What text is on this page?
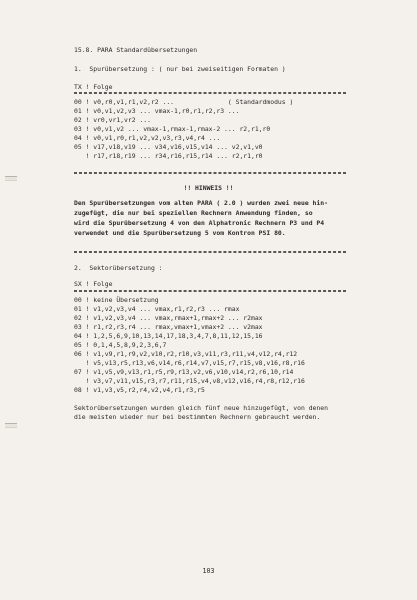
15.8. PARA Standardübersetzungen
1.  Spurübersetzung : ( nur bei zweiseitigen Formaten )
TX ! Folge
00 ! v0,r0,v1,r1,v2,r2 ...              ( Standardmodus )
01 ! v0,v1,v2,v3 ... vmax-1,r0,r1,r2,r3 ...
02 ! vr0,vr1,vr2 ...
03 ! v0,v1,v2 ... vmax-1,rmax-1,rmax-2 ... r2,r1,r0
04 ! v0,v1,r0,r1,v2,v2,v3,r3,v4,r4 ...
05 ! v17,v18,v19 ... v34,v16,v15,v14 ... v2,v1,v0
! r17,r18,r19 ... r34,r16,r15,r14 ... r2,r1,r0
!! HINWEIS !!
Den Spurübersetzungen vom alten PARA ( 2.0 ) wurden zwei neue hin-
zugefügt, die nur bei speziellen Rechnern Anwendung finden, so
wird die Spurübersetzung 4 von den Alphatronic Rechnern P3 und P4
verwendet und die Spurübersetzung 5 vom Kontron PSI 80.
2.  Sektorübersetzung :
SX ! Folge
00 ! keine Übersetzung
01 ! v1,v2,v3,v4 ... vmax,r1,r2,r3 ... rmax
02 ! v1,v2,v3,v4 ... vmax,rmax+1,rmax+2 ... r2max
03 ! r1,r2,r3,r4 ... rmax,vmax+1,vmax+2 ... v2max
04 ! 1,2,5,6,9,10,13,14,17,18,3,4,7,8,11,12,15,16
05 ! 0,1,4,5,8,9,2,3,6,7
06 ! v1,v9,r1,r9,v2,v10,r2,r10,v3,v11,r3,r11,v4,v12,r4,r12
! v5,v13,r5,r13,v6,v14,r6,r14,v7,v15,r7,r15,v8,v16,r8,r16
07 ! v1,v5,v9,v13,r1,r5,r9,r13,v2,v6,v10,v14,r2,r6,10,r14
! v3,v7,v11,v15,r3,r7,r11,r15,v4,v8,v12,v16,r4,r8,r12,r16
08 ! v1,v3,v5,r2,r4,v2,v4,r1,r3,r5
Sektorübersetzungen wurden gleich fünf neue hinzugefügt, von denen
die meisten wieder nur bei bestimmten Rechnern gebraucht werden.
103
